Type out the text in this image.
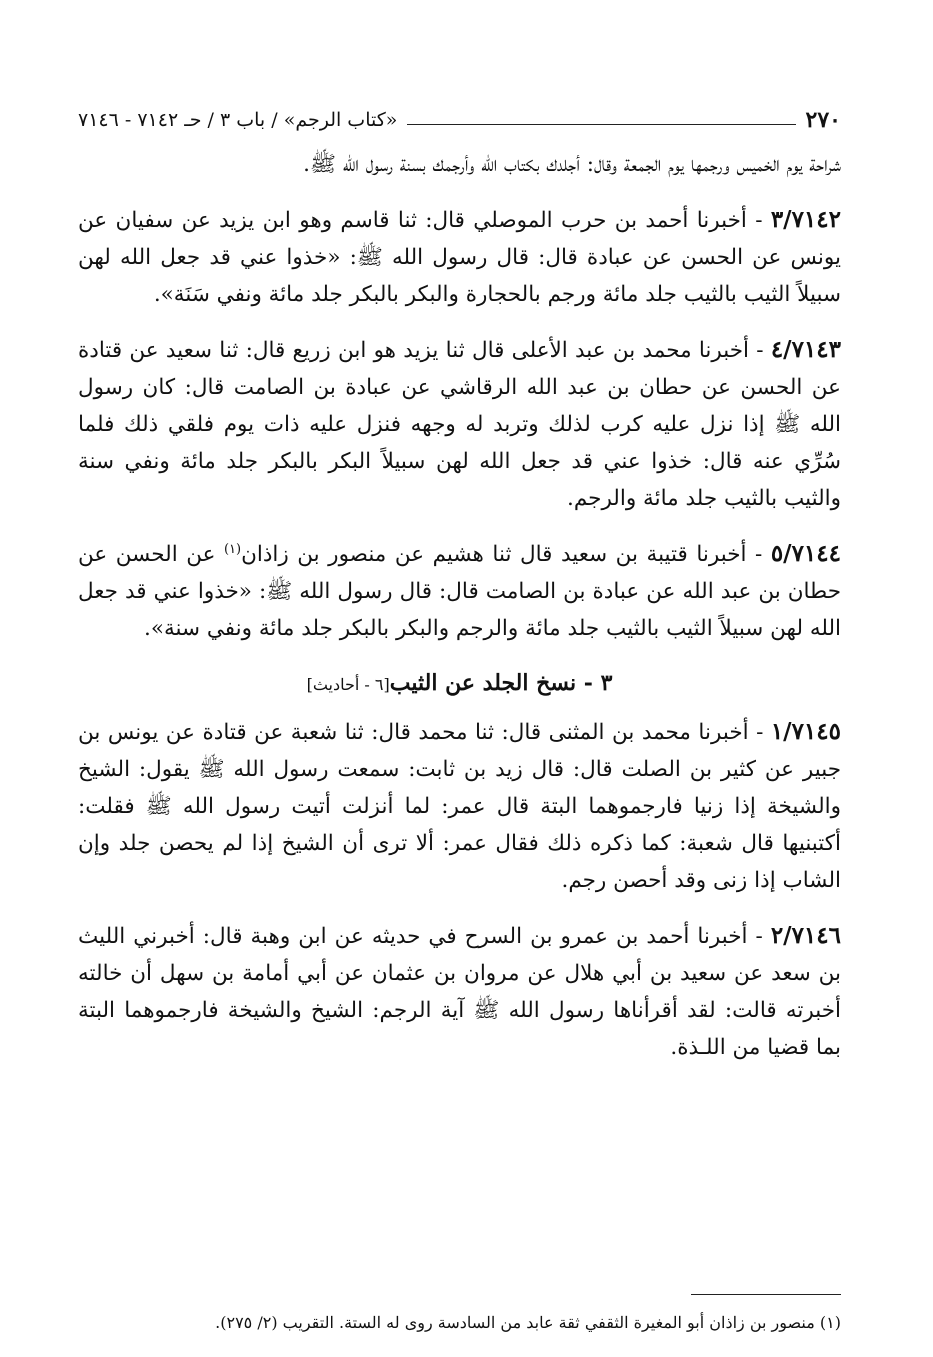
٢٧٠
«كتاب الرجم» / باب ٣ / حـ ٧١٤٢ - ٧١٤٦

شراحة يوم الخميس ورجمها يوم الجمعة وقال: أجلدك بكتاب الله وأرجمك بسنة رسول الله ﷺ.

٣/٧١٤٢ - أخبرنا أحمد بن حرب الموصلي قال: ثنا قاسم وهو ابن يزيد عن سفيان عن يونس عن الحسن عن عبادة قال: قال رسول الله ﷺ: «خذوا عني قد جعل الله لهن سبيلاً الثيب بالثيب جلد مائة ورجم بالحجارة والبكر بالبكر جلد مائة ونفي سَنَة».

٤/٧١٤٣ - أخبرنا محمد بن عبد الأعلى قال ثنا يزيد هو ابن زريع قال: ثنا سعيد عن قتادة عن الحسن عن حطان بن عبد الله الرقاشي عن عبادة بن الصامت قال: كان رسول الله ﷺ إذا نزل عليه كرب لذلك وتربد له وجهه فنزل عليه ذات يوم فلقي ذلك فلما سُرِّي عنه قال: خذوا عني قد جعل الله لهن سبيلاً البكر بالبكر جلد مائة ونفي سنة والثيب بالثيب جلد مائة والرجم.

٥/٧١٤٤ - أخبرنا قتيبة بن سعيد قال ثنا هشيم عن منصور بن زاذان$^{(١)}$ عن الحسن عن حطان بن عبد الله عن عبادة بن الصامت قال: قال رسول الله ﷺ: «خذوا عني قد جعل الله لهن سبيلاً الثيب بالثيب جلد مائة والرجم والبكر بالبكر جلد مائة ونفي سنة».

٣ - نسخ الجلد عن الثيب[٦ - أحاديث]

١/٧١٤٥ - أخبرنا محمد بن المثنى قال: ثنا محمد قال: ثنا شعبة عن قتادة عن يونس بن جبير عن كثير بن الصلت قال: قال زيد بن ثابت: سمعت رسول الله ﷺ يقول: الشيخ والشيخة إذا زنيا فارجموهما البتة قال عمر: لما أنزلت أتيت رسول الله ﷺ فقلت: أكتبنيها قال شعبة: كما ذكره ذلك فقال عمر: ألا ترى أن الشيخ إذا لم يحصن جلد وإن الشاب إذا زنى وقد أحصن رجم.

٢/٧١٤٦ - أخبرنا أحمد بن عمرو بن السرح في حديثه عن ابن وهبة قال: أخبرني الليث بن سعد عن سعيد بن أبي هلال عن مروان بن عثمان عن أبي أمامة بن سهل أن خالته أخبرته قالت: لقد أقرأناها رسول الله ﷺ آية الرجم: الشيخ والشيخة فارجموهما البتة بما قضيا من اللـذة.

(١) منصور بن زاذان أبو المغيرة الثقفي ثقة عابد من السادسة روى له الستة. التقريب (٢/ ٢٧٥).
